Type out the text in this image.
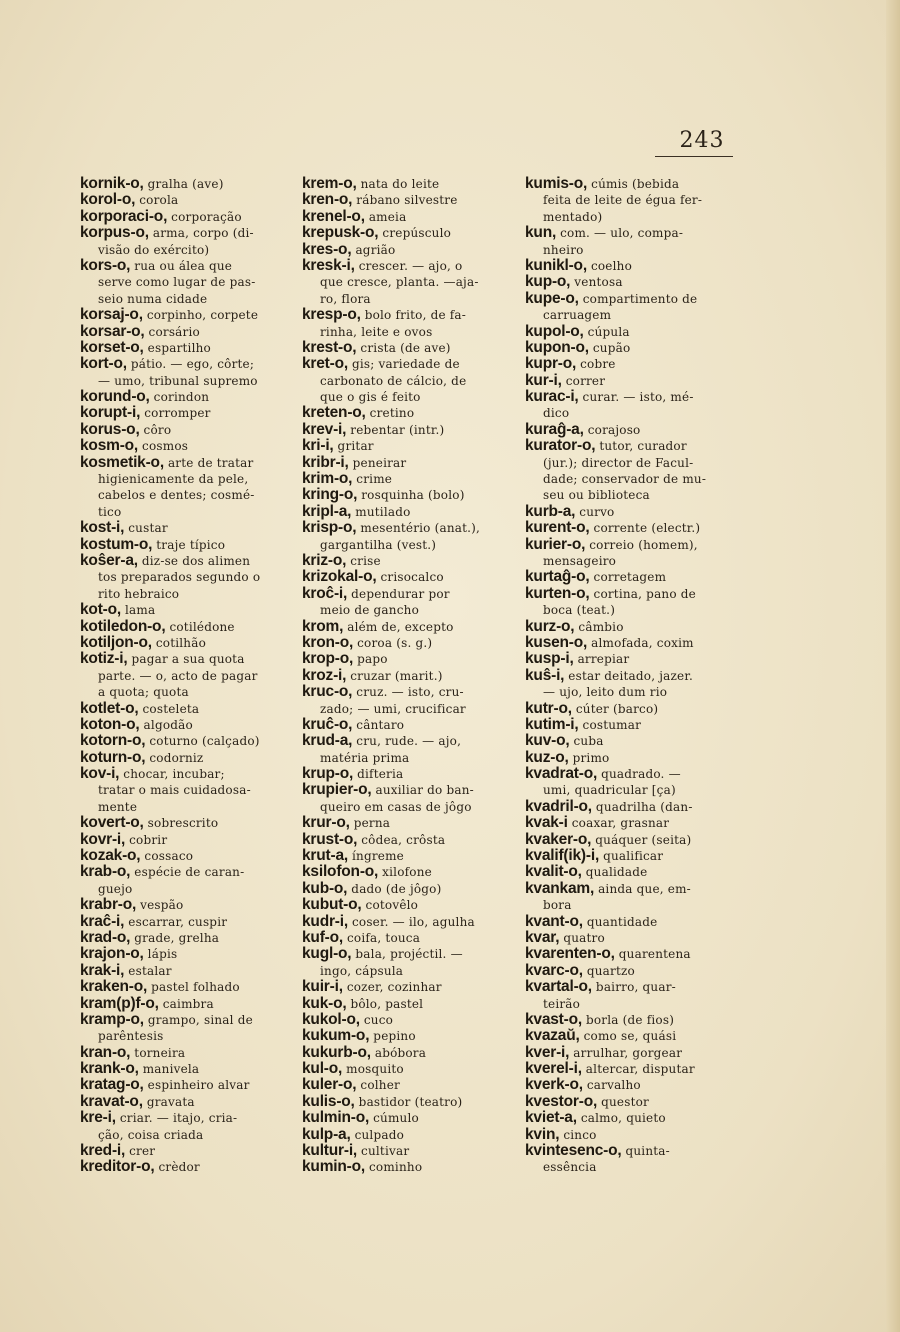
243
kornik-o, gralha (ave)
korol-o, corola
korporaci-o, corporação
korpus-o, arma, corpo (di-
visão do exército)
kors-o, rua ou álea que
serve como lugar de pas-
seio numa cidade
korsaj-o, corpinho, corpete
korsar-o, corsário
korset-o, espartilho
kort-o, pátio. — ego, côrte;
— umo, tribunal supremo
korund-o, corindon
korupt-i, corromper
korus-o, côro
kosm-o, cosmos
kosmetik-o, arte de tratar
higienicamente da pele,
cabelos e dentes; cosmé-
tico
kost-i, custar
kostum-o, traje típico
koŝer-a, diz-se dos alimen
tos preparados segundo o
rito hebraico
kot-o, lama
kotiledon-o, cotilédone
kotiljon-o, cotilhão
kotiz-i, pagar a sua quota
parte. — o, acto de pagar
a quota; quota
kotlet-o, costeleta
koton-o, algodão
kotorn-o, coturno (calçado)
koturn-o, codorniz
kov-i, chocar, incubar;
tratar o mais cuidadosa-
mente
kovert-o, sobrescrito
kovr-i, cobrir
kozak-o, cossaco
krab-o, espécie de caran-
guejo
krabr-o, vespão
kraĉ-i, escarrar, cuspir
krad-o, grade, grelha
krajon-o, lápis
krak-i, estalar
kraken-o, pastel folhado
kram(p)f-o, caimbra
kramp-o, grampo, sinal de
parêntesis
kran-o, torneira
krank-o, manivela
kratag-o, espinheiro alvar
kravat-o, gravata
kre-i, criar. — itajo, cria-
ção, coisa criada
kred-i, crer
kreditor-o, crèdor
krem-o, nata do leite
kren-o, rábano silvestre
krenel-o, ameia
krepusk-o, crepúsculo
kres-o, agrião
kresk-i, crescer. — ajo, o
que cresce, planta. —aja-
ro, flora
kresp-o, bolo frito, de fa-
rinha, leite e ovos
krest-o, crista (de ave)
kret-o, gis; variedade de
carbonato de cálcio, de
que o gis é feito
kreten-o, cretino
krev-i, rebentar (intr.)
kri-i, gritar
kribr-i, peneirar
krim-o, crime
kring-o, rosquinha (bolo)
kripl-a, mutilado
krisp-o, mesentério (anat.),
gargantilha (vest.)
kriz-o, crise
krizokal-o, crisocalco
kroĉ-i, dependurar por
meio de gancho
krom, além de, excepto
kron-o, coroa (s. g.)
krop-o, papo
kroz-i, cruzar (marit.)
kruc-o, cruz. — isto, cru-
zado; — umi, crucificar
kruĉ-o, cântaro
krud-a, cru, rude. — ajo,
matéria prima
krup-o, difteria
krupier-o, auxiliar do ban-
queiro em casas de jôgo
krur-o, perna
krust-o, côdea, crôsta
krut-a, íngreme
ksilofon-o, xilofone
kub-o, dado (de jôgo)
kubut-o, cotovêlo
kudr-i, coser. — ilo, agulha
kuf-o, coifa, touca
kugl-o, bala, projéctil. —
ingo, cápsula
kuir-i, cozer, cozinhar
kuk-o, bôlo, pastel
kukol-o, cuco
kukum-o, pepino
kukurb-o, abóbora
kul-o, mosquito
kuler-o, colher
kulis-o, bastidor (teatro)
kulmin-o, cúmulo
kulp-a, culpado
kultur-i, cultivar
kumin-o, cominho
kumis-o, cúmis (bebida
feita de leite de égua fer-
mentado)
kun, com. — ulo, compa-
nheiro
kunikl-o, coelho
kup-o, ventosa
kupe-o, compartimento de
carruagem
kupol-o, cúpula
kupon-o, cupão
kupr-o, cobre
kur-i, correr
kurac-i, curar. — isto, mé-
dico
kuraĝ-a, corajoso
kurator-o, tutor, curador
(jur.); director de Facul-
dade; conservador de mu-
seu ou biblioteca
kurb-a, curvo
kurent-o, corrente (electr.)
kurier-o, correio (homem),
mensageiro
kurtaĝ-o, corretagem
kurten-o, cortina, pano de
boca (teat.)
kurz-o, câmbio
kusen-o, almofada, coxim
kusp-i, arrepiar
kuŝ-i, estar deitado, jazer.
— ujo, leito dum rio
kutr-o, cúter (barco)
kutim-i, costumar
kuv-o, cuba
kuz-o, primo
kvadrat-o, quadrado. —
umi, quadricular [ça)
kvadril-o, quadrilha (dan-
kvak-i coaxar, grasnar
kvaker-o, quáquer (seita)
kvalif(ik)-i, qualificar
kvalit-o, qualidade
kvankam, ainda que, em-
bora
kvant-o, quantidade
kvar, quatro
kvarenten-o, quarentena
kvarc-o, quartzo
kvartal-o, bairro, quar-
teirão
kvast-o, borla (de fios)
kvazaŭ, como se, quási
kver-i, arrulhar, gorgear
kverel-i, altercar, disputar
kverk-o, carvalho
kvestor-o, questor
kviet-a, calmo, quieto
kvin, cinco
kvintesenc-o, quinta-
essência
